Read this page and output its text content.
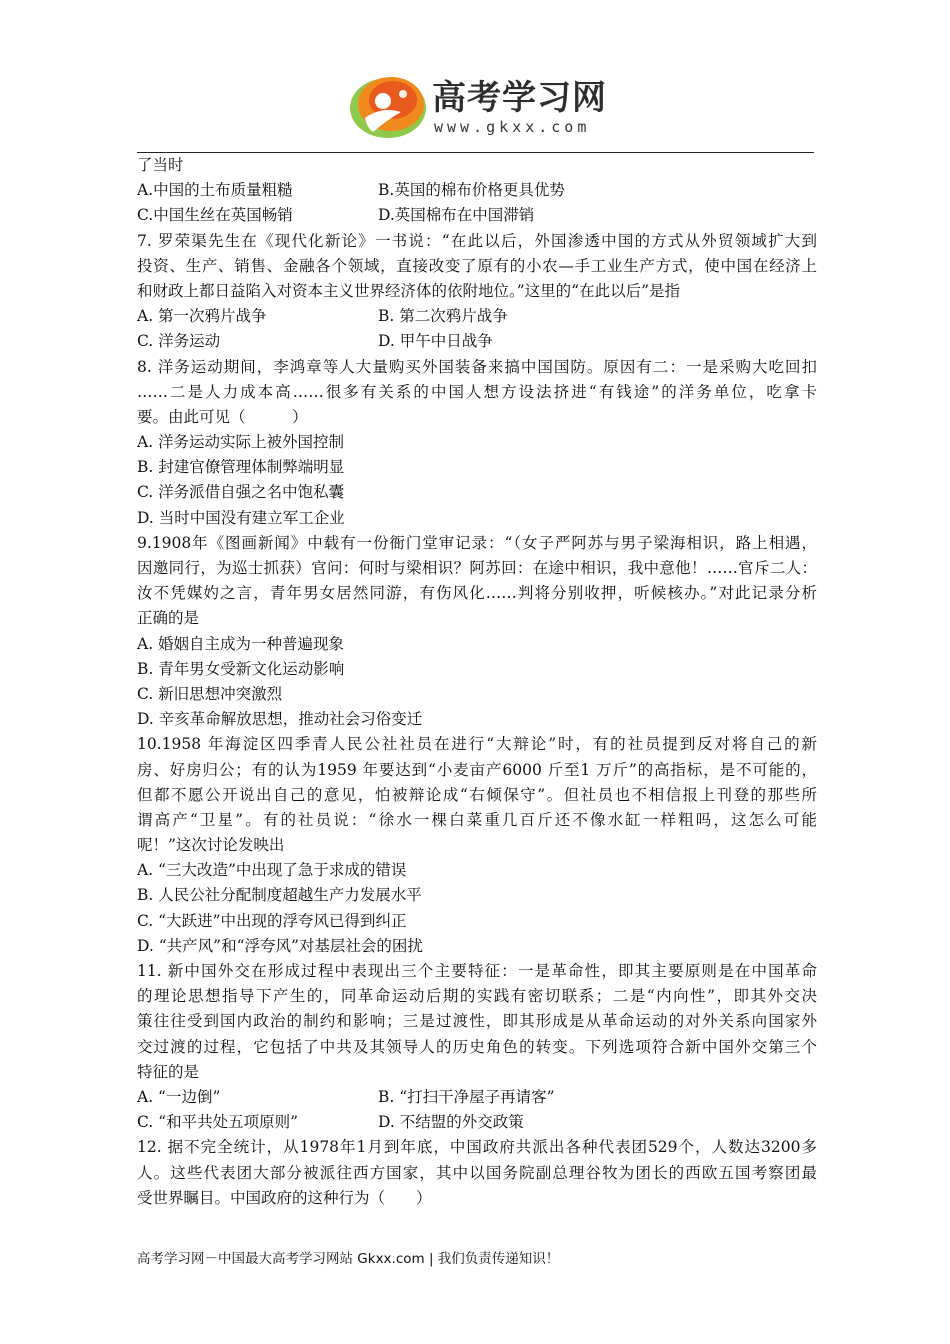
高考学习网
www.gkxx.com
了当时
A.中国的土布质量粗糙	B.英国的棉布价格更具优势
C.中国生丝在英国畅销	D.英国棉布在中国滞销
7. 罗荣渠先生在《现代化新论》一书说：“在此以后，外国渗透中国的方式从外贸领域扩大到
投资、生产、销售、金融各个领域，直接改变了原有的小农—手工业生产方式，使中国在经济上
和财政上都日益陷入对资本主义世界经济体的依附地位。”这里的“在此以后”是指
A. 第一次鸦片战争	B. 第二次鸦片战争
C. 洋务运动	D. 甲午中日战争
8. 洋务运动期间，李鸿章等人大量购买外国装备来搞中国国防。原因有二：一是采购大吃回扣
……二是人力成本高……很多有关系的中国人想方设法挤进“有钱途”的洋务单位，吃拿卡
要。由此可见（　　　）
A. 洋务运动实际上被外国控制
B. 封建官僚管理体制弊端明显
C. 洋务派借自强之名中饱私囊
D. 当时中国没有建立军工企业
9.1908年《图画新闻》中载有一份衙门堂审记录：“（女子严阿苏与男子梁海相识，路上相遇，
因邀同行，为巡士抓获）官问：何时与梁相识？阿苏回：在途中相识，我中意他！……官斥二人：
汝不凭媒妁之言，青年男女居然同游，有伤风化……判将分别收押，听候核办。”对此记录分析
正确的是
A. 婚姻自主成为一种普遍现象
B. 青年男女受新文化运动影响
C. 新旧思想冲突激烈
D. 辛亥革命解放思想，推动社会习俗变迁
10.1958 年海淀区四季青人民公社社员在进行“大辩论”时，有的社员提到反对将自己的新
房、好房归公；有的认为1959 年要达到“小麦亩产6000 斤至1 万斤”的高指标，是不可能的，
但都不愿公开说出自己的意见，怕被辩论成“右倾保守”。但社员也不相信报上刊登的那些所
谓高产“卫星”。有的社员说：“徐水一棵白菜重几百斤还不像水缸一样粗吗，这怎么可能
呢！”这次讨论发映出
A. “三大改造”中出现了急于求成的错误
B. 人民公社分配制度超越生产力发展水平
C. “大跃进”中出现的浮夸风已得到纠正
D. “共产风”和“浮夸风”对基层社会的困扰
11. 新中国外交在形成过程中表现出三个主要特征：一是革命性，即其主要原则是在中国革命
的理论思想指导下产生的，同革命运动后期的实践有密切联系；二是“内向性”，即其外交决
策往往受到国内政治的制约和影响；三是过渡性，即其形成是从革命运动的对外关系向国家外
交过渡的过程，它包括了中共及其领导人的历史角色的转变。下列选项符合新中国外交第三个
特征的是
A. “一边倒”	B. “打扫干净屋子再请客”
C. “和平共处五项原则”	D. 不结盟的外交政策
12. 据不完全统计，从1978年1月到年底，中国政府共派出各种代表团529个，人数达3200多
人。这些代表团大部分被派往西方国家，其中以国务院副总理谷牧为团长的西欧五国考察团最
受世界瞩目。中国政府的这种行为（　　）
高考学习网－中国最大高考学习网站 Gkxx.com | 我们负责传递知识！
